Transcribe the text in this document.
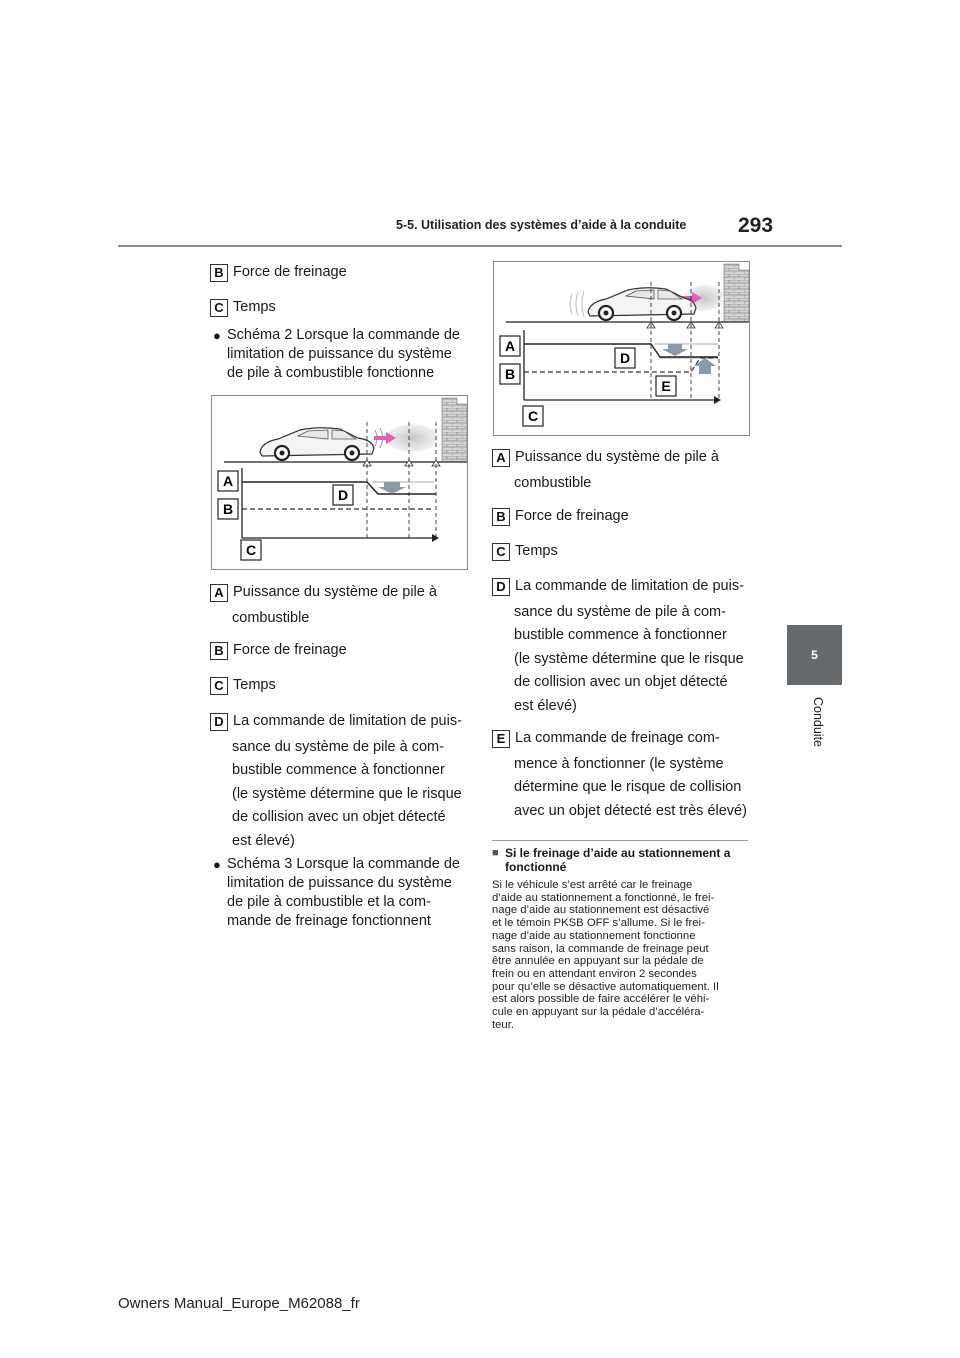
5-5. Utilisation des systèmes d’aide à la conduite 293
5
Conduite
B Force de freinage
C Temps
● Schéma 2 Lorsque la commande de
limitation de puissance du système
de pile à combustible fonctionne
A
B
C
D
A Puissance du système de pile à
combustible
B Force de freinage
C Temps
D La commande de limitation de puis-
sance du système de pile à com-
bustible commence à fonctionner
(le système détermine que le risque
de collision avec un objet détecté
est élevé)
● Schéma 3 Lorsque la commande de
limitation de puissance du système
de pile à combustible et la com-
mande de freinage fonctionnent
A
B
C
D
E
A Puissance du système de pile à
combustible
B Force de freinage
C Temps
D La commande de limitation de puis-
sance du système de pile à com-
bustible commence à fonctionner
(le système détermine que le risque
de collision avec un objet détecté
est élevé)
E La commande de freinage com-
mence à fonctionner (le système
détermine que le risque de collision
avec un objet détecté est très élevé)
■ Si le freinage d’aide au stationnement a
fonctionné
Si le véhicule s’est arrêté car le freinage
d’aide au stationnement a fonctionné, le frei-
nage d’aide au stationnement est désactivé
et le témoin PKSB OFF s’allume. Si le frei-
nage d’aide au stationnement fonctionne
sans raison, la commande de freinage peut
être annulée en appuyant sur la pédale de
frein ou en attendant environ 2 secondes
pour qu’elle se désactive automatiquement. Il
est alors possible de faire accélérer le véhi-
cule en appuyant sur la pédale d’accéléra-
teur.
Owners Manual_Europe_M62088_fr
